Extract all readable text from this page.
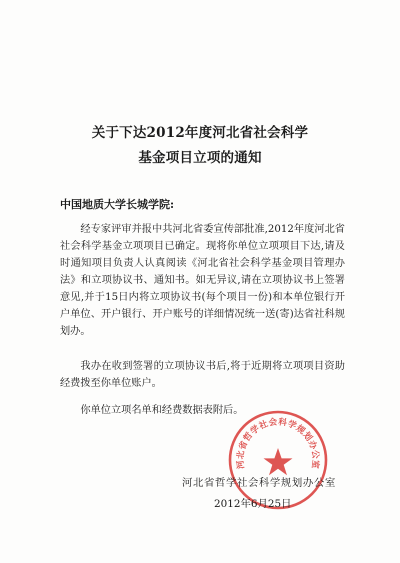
关于下达2012年度河北省社会科学
基金项目立项的通知
中国地质大学长城学院:

经专家评审并报中共河北省委宣传部批准,2012年度河北省社会科学基金立项项目已确定。现将你单位立项项目下达,请及时通知项目负责人认真阅读《河北省社会科学基金项目管理办法》和立项协议书、通知书。如无异议,请在立项协议书上签署意见,并于15日内将立项协议书(每个项目一份)和本单位银行开户单位、开户银行、开户账号的详细情况统一送(寄)达省社科规划办。

我办在收到签署的立项协议书后,将于近期将立项项目资助经费拨至你单位账户。

你单位立项名单和经费数据表附后。

河北省哲学社会科学规划办公室
河北省哲学社会科学规划办公室
2012年6月25日
